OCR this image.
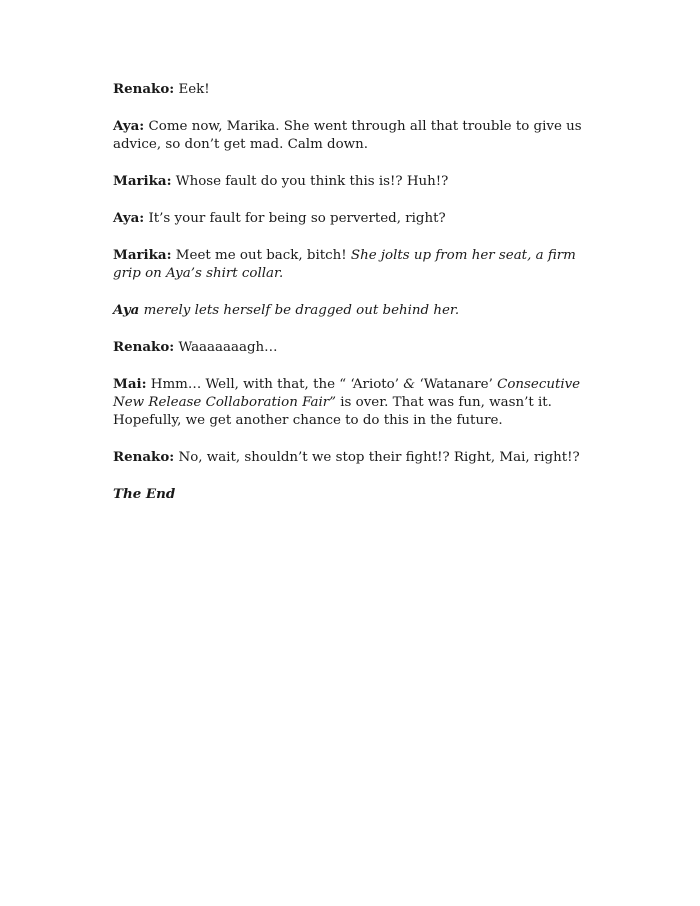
Renako: Eek!

Aya: Come now, Marika. She went through all that trouble to give us advice, so don’t get mad. Calm down.

Marika: Whose fault do you think this is!? Huh!?

Aya: It’s your fault for being so perverted, right?

Marika: Meet me out back, bitch! She jolts up from her seat, a firm grip on Aya’s shirt collar.

Aya merely lets herself be dragged out behind her.

Renako: Waaaaaaagh…

Mai: Hmm… Well, with that, the “ ‘Arioto’ & ‘Watanare’ Consecutive New Release Collaboration Fair” is over. That was fun, wasn’t it. Hopefully, we get another chance to do this in the future.

Renako: No, wait, shouldn’t we stop their fight!? Right, Mai, right!?

The End
